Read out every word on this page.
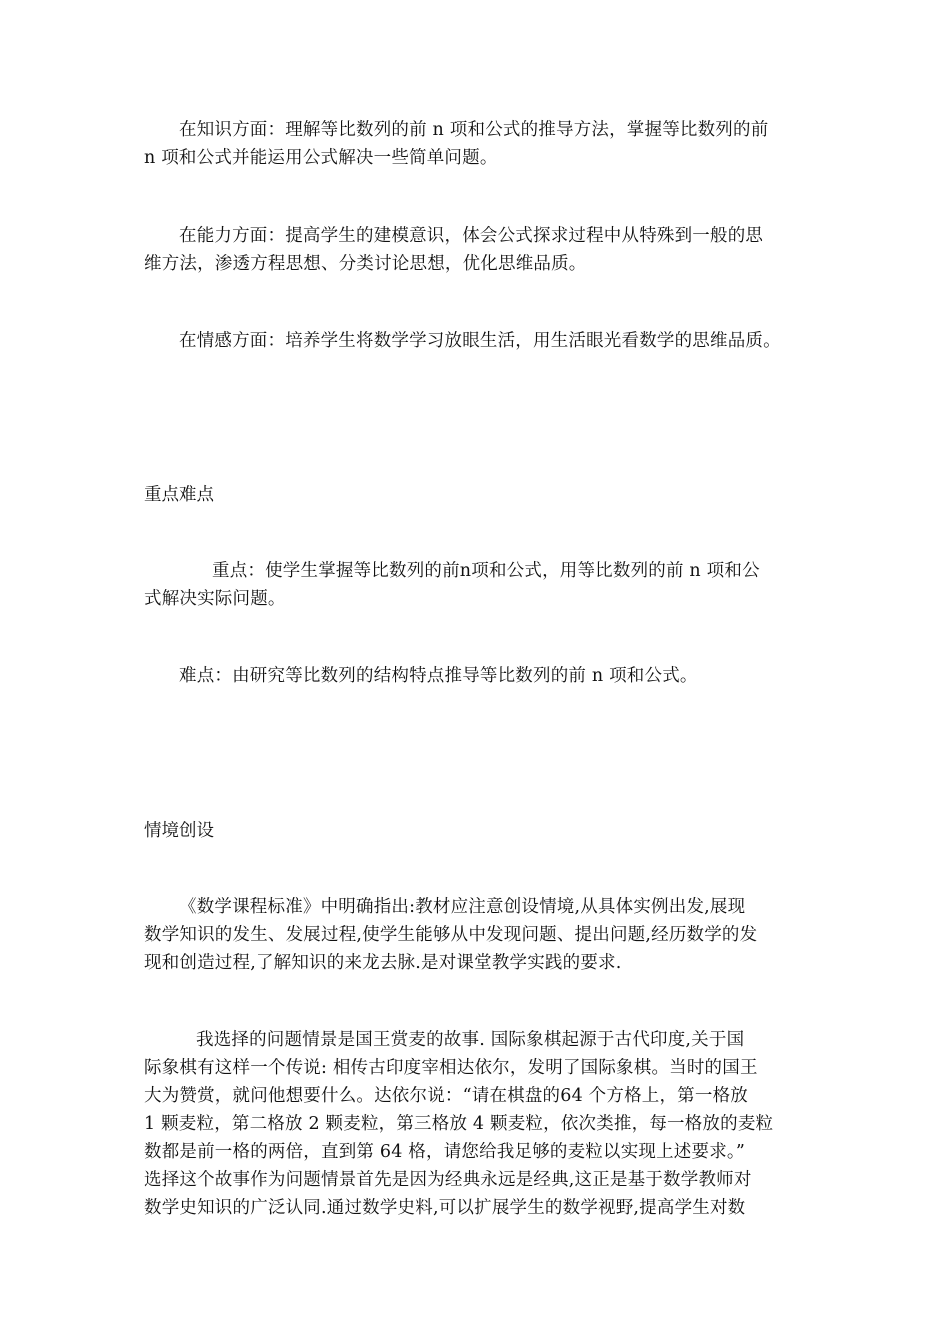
在知识方面：理解等比数列的前 n 项和公式的推导方法，掌握等比数列的前
n 项和公式并能运用公式解决一些简单问题。

在能力方面：提高学生的建模意识，体会公式探求过程中从特殊到一般的思
维方法，渗透方程思想、分类讨论思想，优化思维品质。

在情感方面：培养学生将数学学习放眼生活，用生活眼光看数学的思维品质。

重点难点

重点：使学生掌握等比数列的前n项和公式，用等比数列的前 n 项和公
式解决实际问题。

难点：由研究等比数列的结构特点推导等比数列的前 n 项和公式。

情境创设

《数学课程标准》中明确指出:教材应注意创设情境,从具体实例出发,展现
数学知识的发生、发展过程,使学生能够从中发现问题、提出问题,经历数学的发
现和创造过程,了解知识的来龙去脉.是对课堂教学实践的要求.

我选择的问题情景是国王赏麦的故事. 国际象棋起源于古代印度,关于国
际象棋有这样一个传说: 相传古印度宰相达依尔，发明了国际象棋。当时的国王
大为赞赏，就问他想要什么。达依尔说：“请在棋盘的64 个方格上，第一格放
1 颗麦粒，第二格放 2 颗麦粒，第三格放 4 颗麦粒，依次类推，每一格放的麦粒
数都是前一格的两倍，直到第 64 格，请您给我足够的麦粒以实现上述要求。”
选择这个故事作为问题情景首先是因为经典永远是经典,这正是基于数学教师对
数学史知识的广泛认同.通过数学史料,可以扩展学生的数学视野,提高学生对数
